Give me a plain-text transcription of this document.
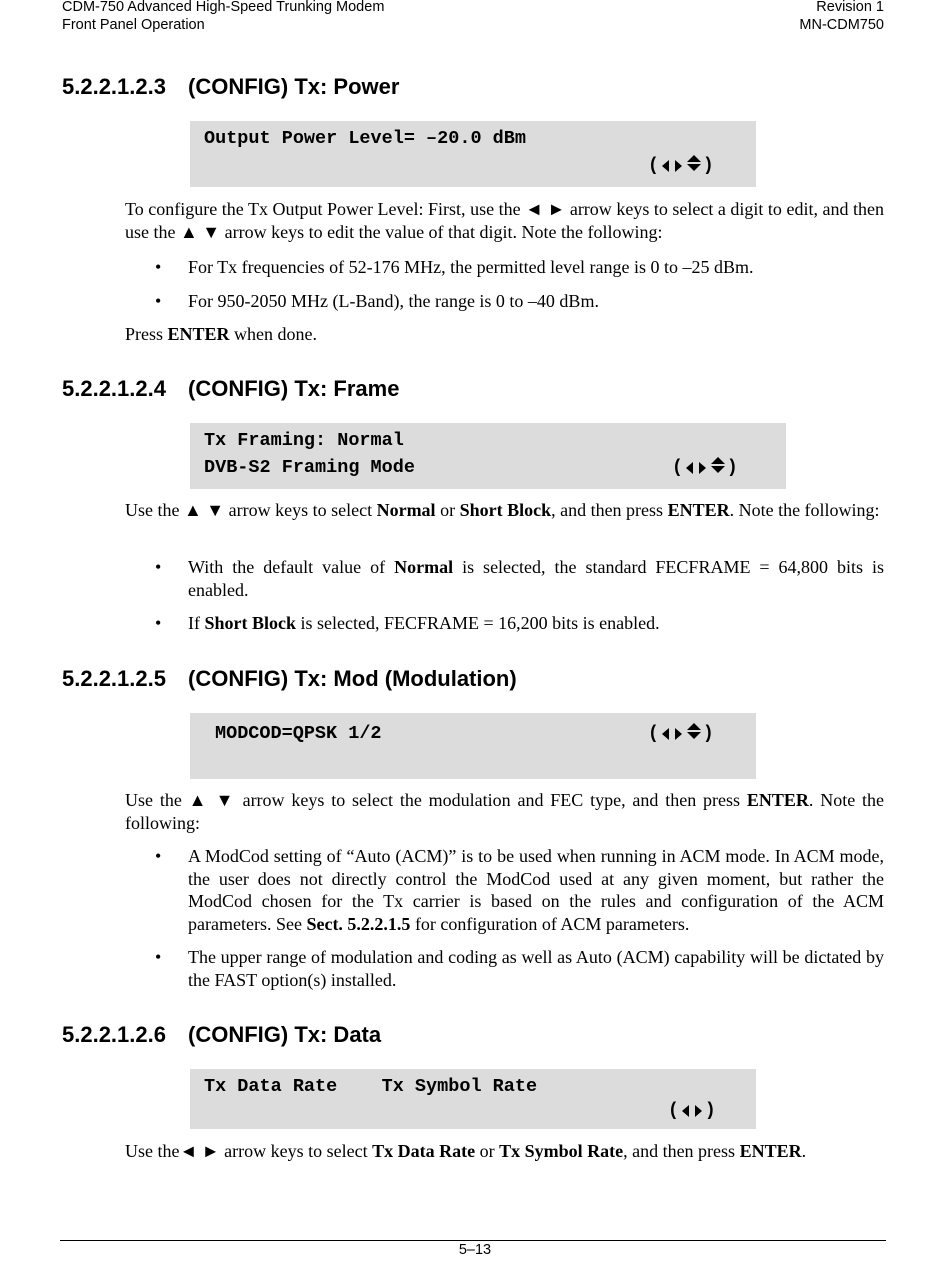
CDM-750 Advanced High-Speed Trunking Modem
Front Panel Operation
Revision 1
MN-CDM750
5.2.2.1.2.3 (CONFIG) Tx: Power
Output Power Level= –20.0 dBm
( )
To configure the Tx Output Power Level: First, use the ◄ ► arrow keys to select a digit to edit, and then use the ▲ ▼ arrow keys to edit the value of that digit. Note the following:
• For Tx frequencies of 52-176 MHz, the permitted level range is 0 to –25 dBm.
• For 950-2050 MHz (L-Band), the range is 0 to –40 dBm.
Press ENTER when done.
5.2.2.1.2.4 (CONFIG) Tx: Frame
Tx Framing: Normal
DVB-S2 Framing Mode	( )
Use the ▲ ▼ arrow keys to select Normal or Short Block, and then press ENTER. Note the following:
• With the default value of Normal is selected, the standard FECFRAME = 64,800 bits is enabled.
• If Short Block is selected, FECFRAME = 16,200 bits is enabled.
5.2.2.1.2.5 (CONFIG) Tx: Mod (Modulation)
MODCOD=QPSK 1/2	( )
Use the ▲ ▼ arrow keys to select the modulation and FEC type, and then press ENTER. Note the following:
• A ModCod setting of “Auto (ACM)” is to be used when running in ACM mode. In ACM mode, the user does not directly control the ModCod used at any given moment, but rather the ModCod chosen for the Tx carrier is based on the rules and configuration of the ACM parameters. See Sect. 5.2.2.1.5 for configuration of ACM parameters.
• The upper range of modulation and coding as well as Auto (ACM) capability will be dictated by the FAST option(s) installed.
5.2.2.1.2.6 (CONFIG) Tx: Data
Tx Data Rate    Tx Symbol Rate
( )
Use the◄ ► arrow keys to select Tx Data Rate or Tx Symbol Rate, and then press ENTER.
5–13
